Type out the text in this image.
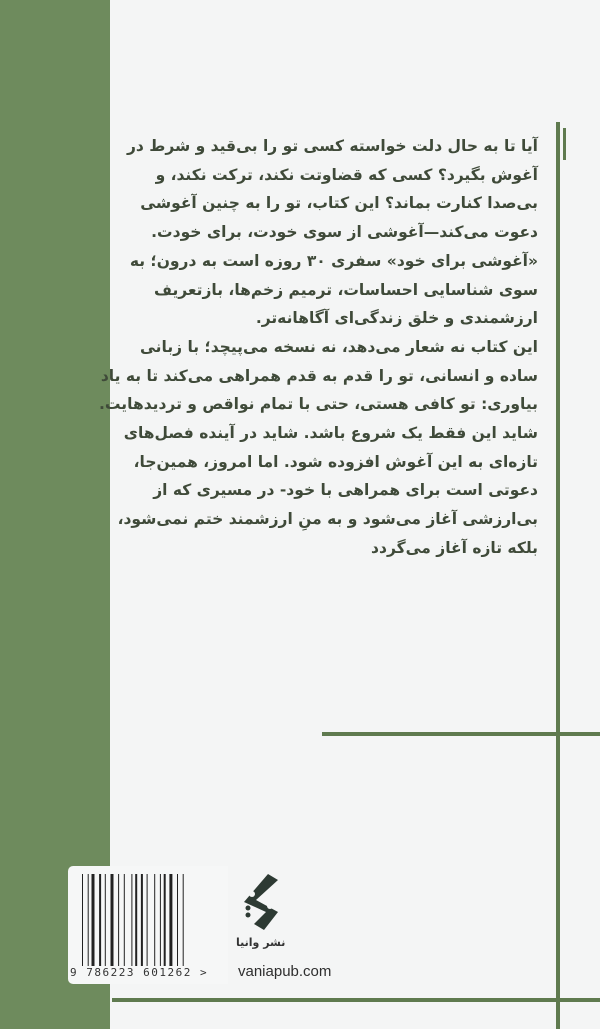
آیا تا به حال دلت خواسته کسی تو را بی‌قید و شرط در
آغوش بگیرد؟ کسی که قضاوتت نکند، ترکت نکند، و
بی‌صدا کنارت بماند؟ این کتاب، تو را به چنین آغوشی
دعوت می‌کند—آغوشی از سوی خودت، برای خودت.
«آغوشی برای خود» سفری ۳۰ روزه است به درون؛ به
سوی شناسایی احساسات، ترمیم زخم‌ها، بازتعریف
ارزشمندی و خلق زندگی‌ای آگاهانه‌تر.
این کتاب نه شعار می‌دهد، نه نسخه می‌پیچد؛ با زبانی
ساده و انسانی، تو را قدم به قدم همراهی می‌کند تا به یاد
بیاوری: تو کافی هستی، حتی با تمام نواقص و تردیدهایت.
شاید این فقط یک شروع باشد. شاید در آینده فصل‌های
تازه‌ای به این آغوش افزوده شود. اما امروز، همین‌جا،
دعوتی است برای همراهی با خود- در مسیری که از
بی‌ارزشی آغاز می‌شود و به منِ ارزشمند ختم نمی‌شود،
بلکه تازه آغاز می‌گردد
9 786223 601262 >
نشر وانیا
vaniapub.com
